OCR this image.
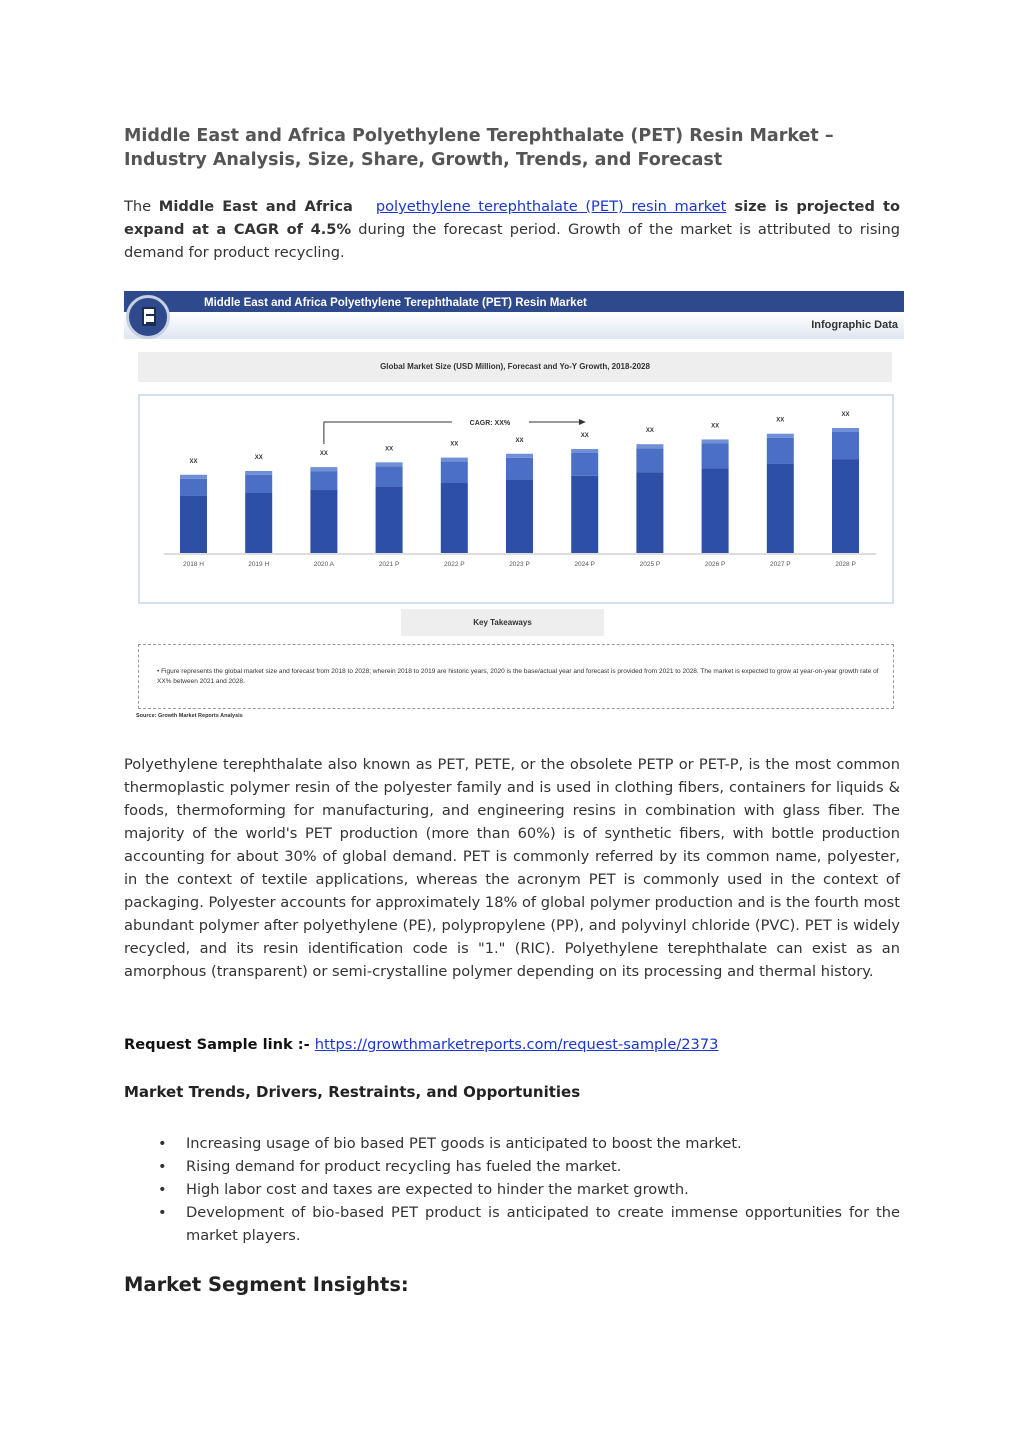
Middle East and Africa Polyethylene Terephthalate (PET) Resin Market –
Industry Analysis, Size, Share, Growth, Trends, and Forecast

The Middle East and Africa polyethylene terephthalate (PET) resin market size is projected to expand at a CAGR of 4.5% during the forecast period. Growth of the market is attributed to rising demand for product recycling.

Middle East and Africa Polyethylene Terephthalate (PET) Resin Market
Infographic Data
Global Market Size (USD Million), Forecast and Yo-Y Growth, 2018-2028
XX
2018 H
XX
2019 H
XX
2020 A
XX
2021 P
XX
2022 P
XX
2023 P
XX
2024 P
XX
2025 P
XX
2026 P
XX
2027 P
XX
2028 P
CAGR: XX%
Key Takeaways
• Figure represents the global market size and forecast from 2018 to 2028; wherein 2018 to 2019 are historic years, 2020 is the base/actual year and forecast is provided from 2021 to 2028. The market is expected to grow at year-on-year growth rate of XX% between 2021 and 2028.
Source: Growth Market Reports Analysis

Polyethylene terephthalate also known as PET, PETE, or the obsolete PETP or PET-P, is the most common thermoplastic polymer resin of the polyester family and is used in clothing fibers, containers for liquids & foods, thermoforming for manufacturing, and engineering resins in combination with glass fiber. The majority of the world's PET production (more than 60%) is of synthetic fibers, with bottle production accounting for about 30% of global demand. PET is commonly referred by its common name, polyester, in the context of textile applications, whereas the acronym PET is commonly used in the context of packaging. Polyester accounts for approximately 18% of global polymer production and is the fourth most abundant polymer after polyethylene (PE), polypropylene (PP), and polyvinyl chloride (PVC). PET is widely recycled, and its resin identification code is "1." (RIC). Polyethylene terephthalate can exist as an amorphous (transparent) or semi-crystalline polymer depending on its processing and thermal history.

Request Sample link :- https://growthmarketreports.com/request-sample/2373

Market Trends, Drivers, Restraints, and Opportunities
• Increasing usage of bio based PET goods is anticipated to boost the market.
• Rising demand for product recycling has fueled the market.
• High labor cost and taxes are expected to hinder the market growth.
• Development of bio-based PET product is anticipated to create immense opportunities for the market players.
Market Segment Insights:
